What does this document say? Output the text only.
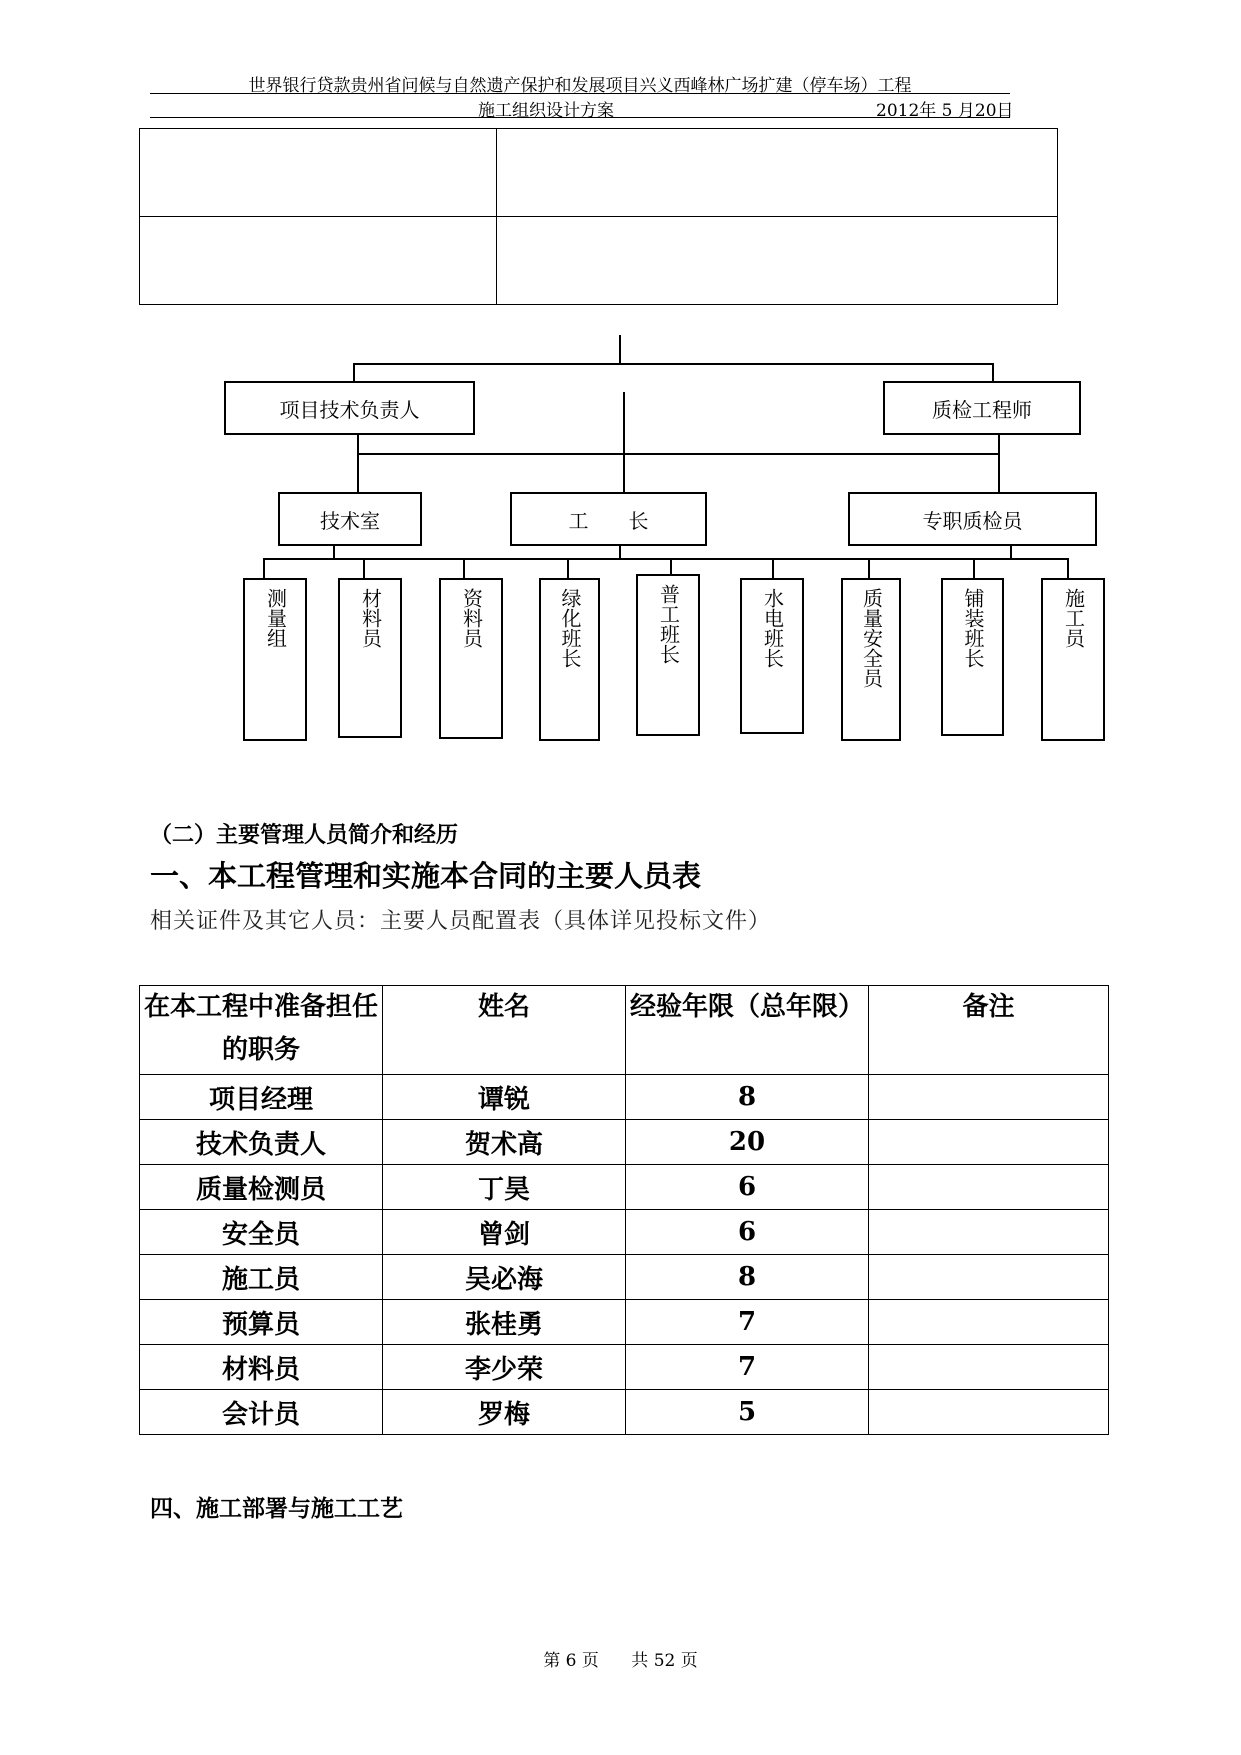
世界银行贷款贵州省问候与自然遗产保护和发展项目兴义西峰林广场扩建（停车场）工程
施工组织设计方案	2012年 5 月20日

项目技术负责人	质检工程师
技术室	工　　长	专职质检员
测量组	材料员	资料员	绿化班长	普工班长	水电班长	质量安全员	铺装班长	施工员
（二）主要管理人员简介和经历
一、本工程管理和实施本合同的主要人员表
相关证件及其它人员：主要人员配置表（具体详见投标文件）
在本工程中准备担任的职务	姓名	经验年限（总年限）	备注
项目经理	谭锐	8	
技术负责人	贺术高	20	
质量检测员	丁昊	6	
安全员	曾剑	6	
施工员	吴必海	8	
预算员	张桂勇	7	
材料员	李少荣	7	
会计员	罗梅	5	
四、施工部署与施工工艺
第 6 页      共 52 页
